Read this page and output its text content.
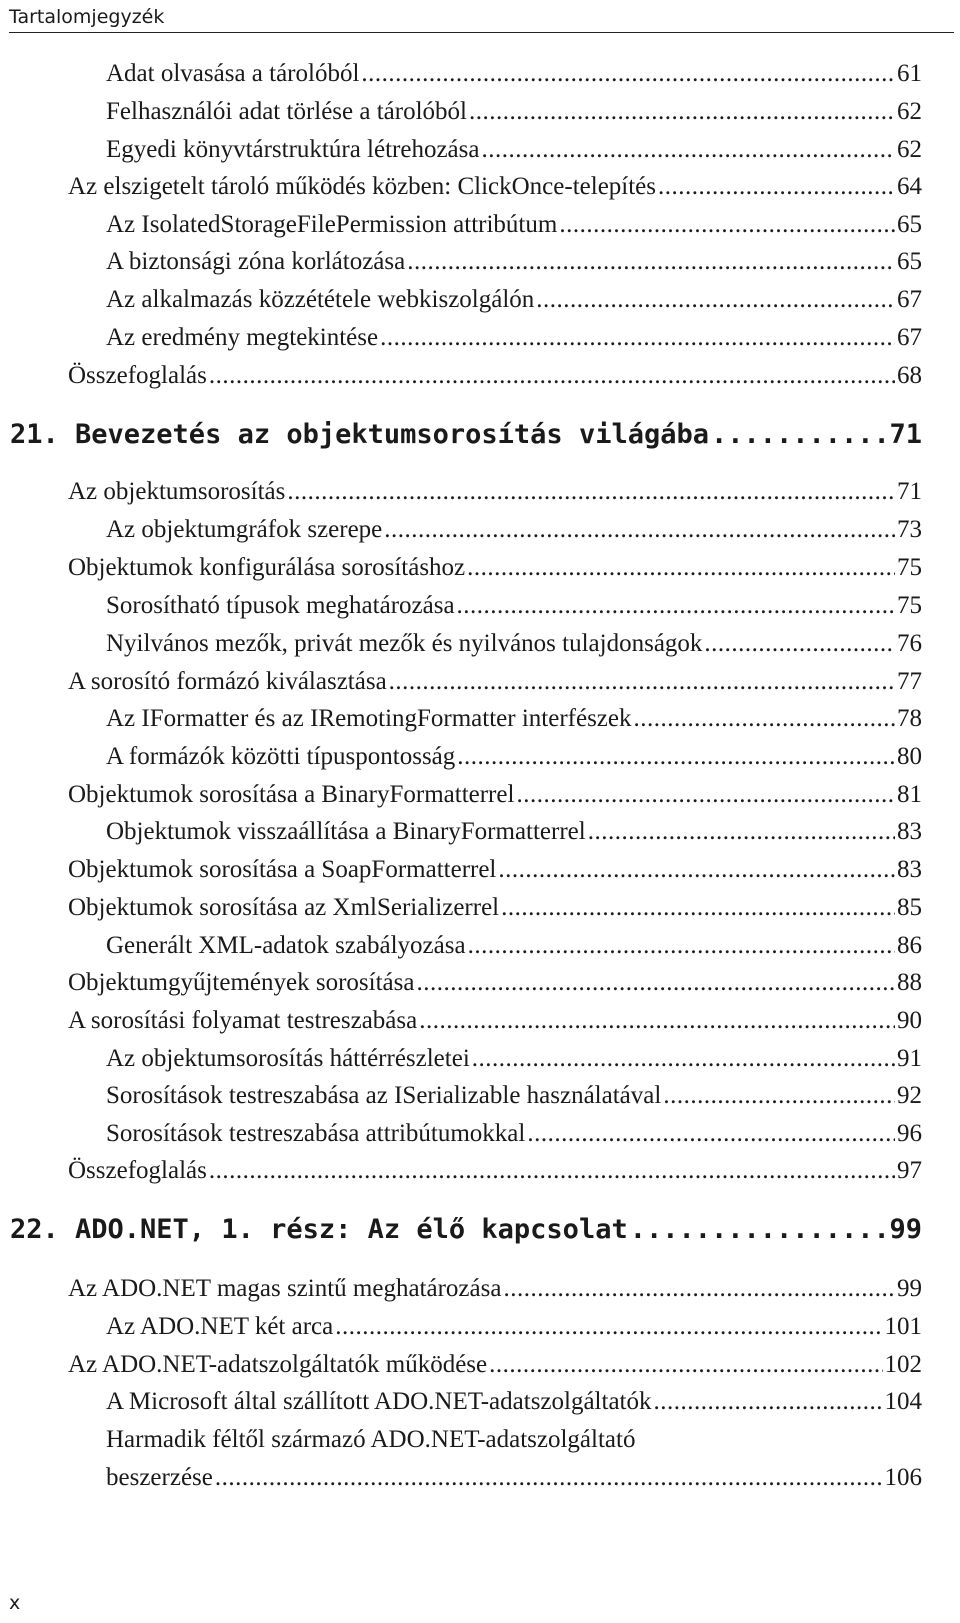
Tartalomjegyzék
Adat olvasása a tárolóból .....	61
Felhasználói adat törlése a tárolóból .....	62
Egyedi könyvtárstruktúra létrehozása .....	62
Az elszigetelt tároló működés közben: ClickOnce-telepítés .....	64
Az IsolatedStorageFilePermission attribútum .....	65
A biztonsági zóna korlátozása .....	65
Az alkalmazás közzététele webkiszolgálón .....	67
Az eredmény megtekintése .....	67
Összefoglalás .....	68
21. Bevezetés az objektumsorosítás világába .....	71
Az objektumsorosítás .....	71
Az objektumgráfok szerepe .....	73
Objektumok konfigurálása sorosításhoz .....	75
Sorosítható típusok meghatározása .....	75
Nyilvános mezők, privát mezők és nyilvános tulajdonságok .....	76
A sorosító formázó kiválasztása .....	77
Az IFormatter és az IRemotingFormatter interfészek .....	78
A formázók közötti típuspontosság .....	80
Objektumok sorosítása a BinaryFormatterrel .....	81
Objektumok visszaállítása a BinaryFormatterrel .....	83
Objektumok sorosítása a SoapFormatterrel .....	83
Objektumok sorosítása az XmlSerializerrel .....	85
Generált XML-adatok szabályozása .....	86
Objektumgyűjtemények sorosítása .....	88
A sorosítási folyamat testreszabása .....	90
Az objektumsorosítás háttérrészletei .....	91
Sorosítások testreszabása az ISerializable használatával .....	92
Sorosítások testreszabása attribútumokkal .....	96
Összefoglalás .....	97
22. ADO.NET, 1. rész: Az élő kapcsolat .....	99
Az ADO.NET magas szintű meghatározása .....	99
Az ADO.NET két arca .....	101
Az ADO.NET-adatszolgáltatók működése .....	102
A Microsoft által szállított ADO.NET-adatszolgáltatók .....	104
Harmadik féltől származó ADO.NET-adatszolgáltató
beszerzése .....	106
x
